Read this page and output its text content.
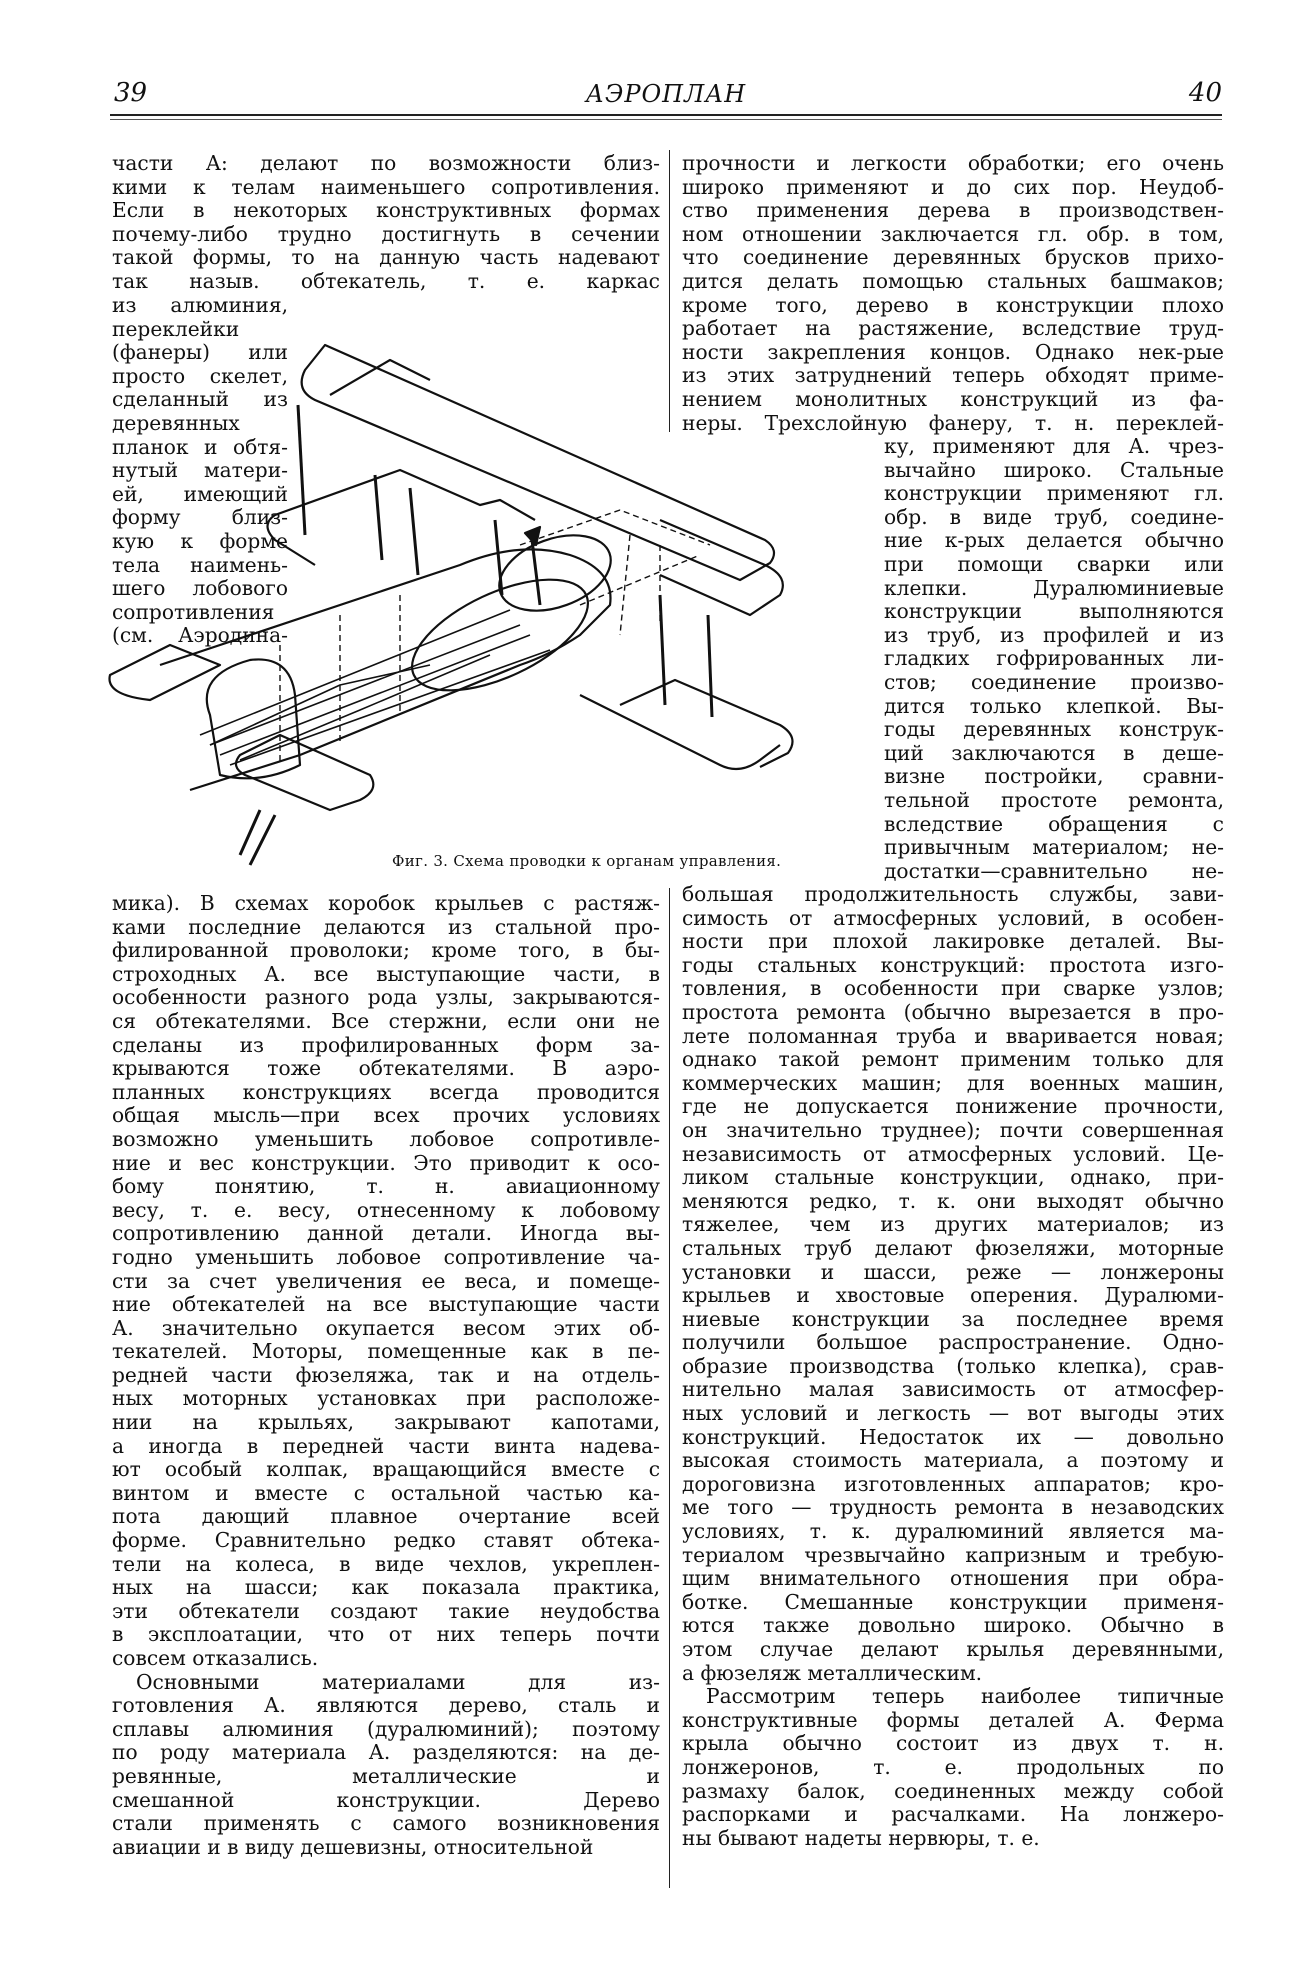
39	АЭРОПЛАН	40
части А: делают по возможности близ-
кими к телам наименьшего сопротивления.
Если в некоторых конструктивных формах
почему-либо трудно достигнуть в сечении
такой формы, то на данную часть надевают
так назыв. обтекатель, т. е. каркас
из алюминия,
переклейки
(фанеры) или
просто скелет,
сделанный из
деревянных
планок и обтя-
нутый матери-
ей, имеющий
форму близ-
кую к форме
тела наимень-
шего лобового
сопротивления
(см. Аэродина-
мика). В схемах коробок крыльев с растяж-
ками последние делаются из стальной про-
филированной проволоки; кроме того, в бы-
строходных А. все выступающие части, в
особенности разного рода узлы, закрываются-
ся обтекателями. Все стержни, если они не
сделаны из профилированных форм за-
крываются тоже обтекателями. В аэро-
планных конструкциях всегда проводится
общая мысль—при всех прочих условиях
возможно уменьшить лобовое сопротивле-
ние и вес конструкции. Это приводит к осо-
бому понятию, т. н. авиационному
весу, т. е. весу, отнесенному к лобовому
сопротивлению данной детали. Иногда вы-
годно уменьшить лобовое сопротивление ча-
сти за счет увеличения ее веса, и помеще-
ние обтекателей на все выступающие части
А. значительно окупается весом этих об-
текателей. Моторы, помещенные как в пе-
редней части фюзеляжа, так и на отдель-
ных моторных установках при расположе-
нии на крыльях, закрывают капотами,
а иногда в передней части винта надева-
ют особый колпак, вращающийся вместе с
винтом и вместе с остальной частью ка-
пота дающий плавное очертание всей
форме. Сравнительно редко ставят обтека-
тели на колеса, в виде чехлов, укреплен-
ных на шасси; как показала практика,
эти обтекатели создают такие неудобства
в эксплоатации, что от них теперь почти
совсем отказались.
Основными материалами для из-
готовления А. являются дерево, сталь и
сплавы алюминия (дуралюминий); поэтому
по роду материала А. разделяются: на де-
ревянные, металлические и
смешанной конструкции. Дерево
стали применять с самого возникновения
авиации и в виду дешевизны, относительной
прочности и легкости обработки; его очень
широко применяют и до сих пор. Неудоб-
ство применения дерева в производствен-
ном отношении заключается гл. обр. в том,
что соединение деревянных брусков прихо-
дится делать помощью стальных башмаков;
кроме того, дерево в конструкции плохо
работает на растяжение, вследствие труд-
ности закрепления концов. Однако нек-рые
из этих затруднений теперь обходят приме-
нением монолитных конструкций из фа-
неры. Трехслойную фанеру, т. н. переклей-
ку, применяют для А. чрез-
вычайно широко. Стальные
конструкции применяют гл.
обр. в виде труб, соедине-
ние к-рых делается обычно
при помощи сварки или
клепки. Дуралюминиевые
конструкции выполняются
из труб, из профилей и из
гладких гофрированных ли-
стов; соединение произво-
дится только клепкой. Вы-
годы деревянных конструк-
ций заключаются в деше-
визне постройки, сравни-
тельной простоте ремонта,
вследствие обращения с
привычным материалом; не-
достатки—сравнительно не-
большая продолжительность службы, зави-
симость от атмосферных условий, в особен-
ности при плохой лакировке деталей. Вы-
годы стальных конструкций: простота изго-
товления, в особенности при сварке узлов;
простота ремонта (обычно вырезается в про-
лете поломанная труба и вваривается новая;
однако такой ремонт применим только для
коммерческих машин; для военных машин,
где не допускается понижение прочности,
он значительно труднее); почти совершенная
независимость от атмосферных условий. Це-
ликом стальные конструкции, однако, при-
меняются редко, т. к. они выходят обычно
тяжелее, чем из других материалов; из
стальных труб делают фюзеляжи, моторные
установки и шасси, реже — лонжероны
крыльев и хвостовые оперения. Дуралюми-
ниевые конструкции за последнее время
получили большое распространение. Одно-
образие производства (только клепка), срав-
нительно малая зависимость от атмосфер-
ных условий и легкость — вот выгоды этих
конструкций. Недостаток их — довольно
высокая стоимость материала, а поэтому и
дороговизна изготовленных аппаратов; кро-
ме того — трудность ремонта в незаводских
условиях, т. к. дуралюминий является ма-
териалом чрезвычайно капризным и требую-
щим внимательного отношения при обра-
ботке. Смешанные конструкции применя-
ются также довольно широко. Обычно в
этом случае делают крылья деревянными,
а фюзеляж металлическим.
Рассмотрим теперь наиболее типичные
конструктивные формы деталей А. Ферма
крыла обычно состоит из двух т. н.
лонжеронов, т. е. продольных по
размаху балок, соединенных между собой
распорками и расчалками. На лонжеро-
ны бывают надеты нервюры, т. е.
Фиг. 3. Схема проводки к органам управления.
